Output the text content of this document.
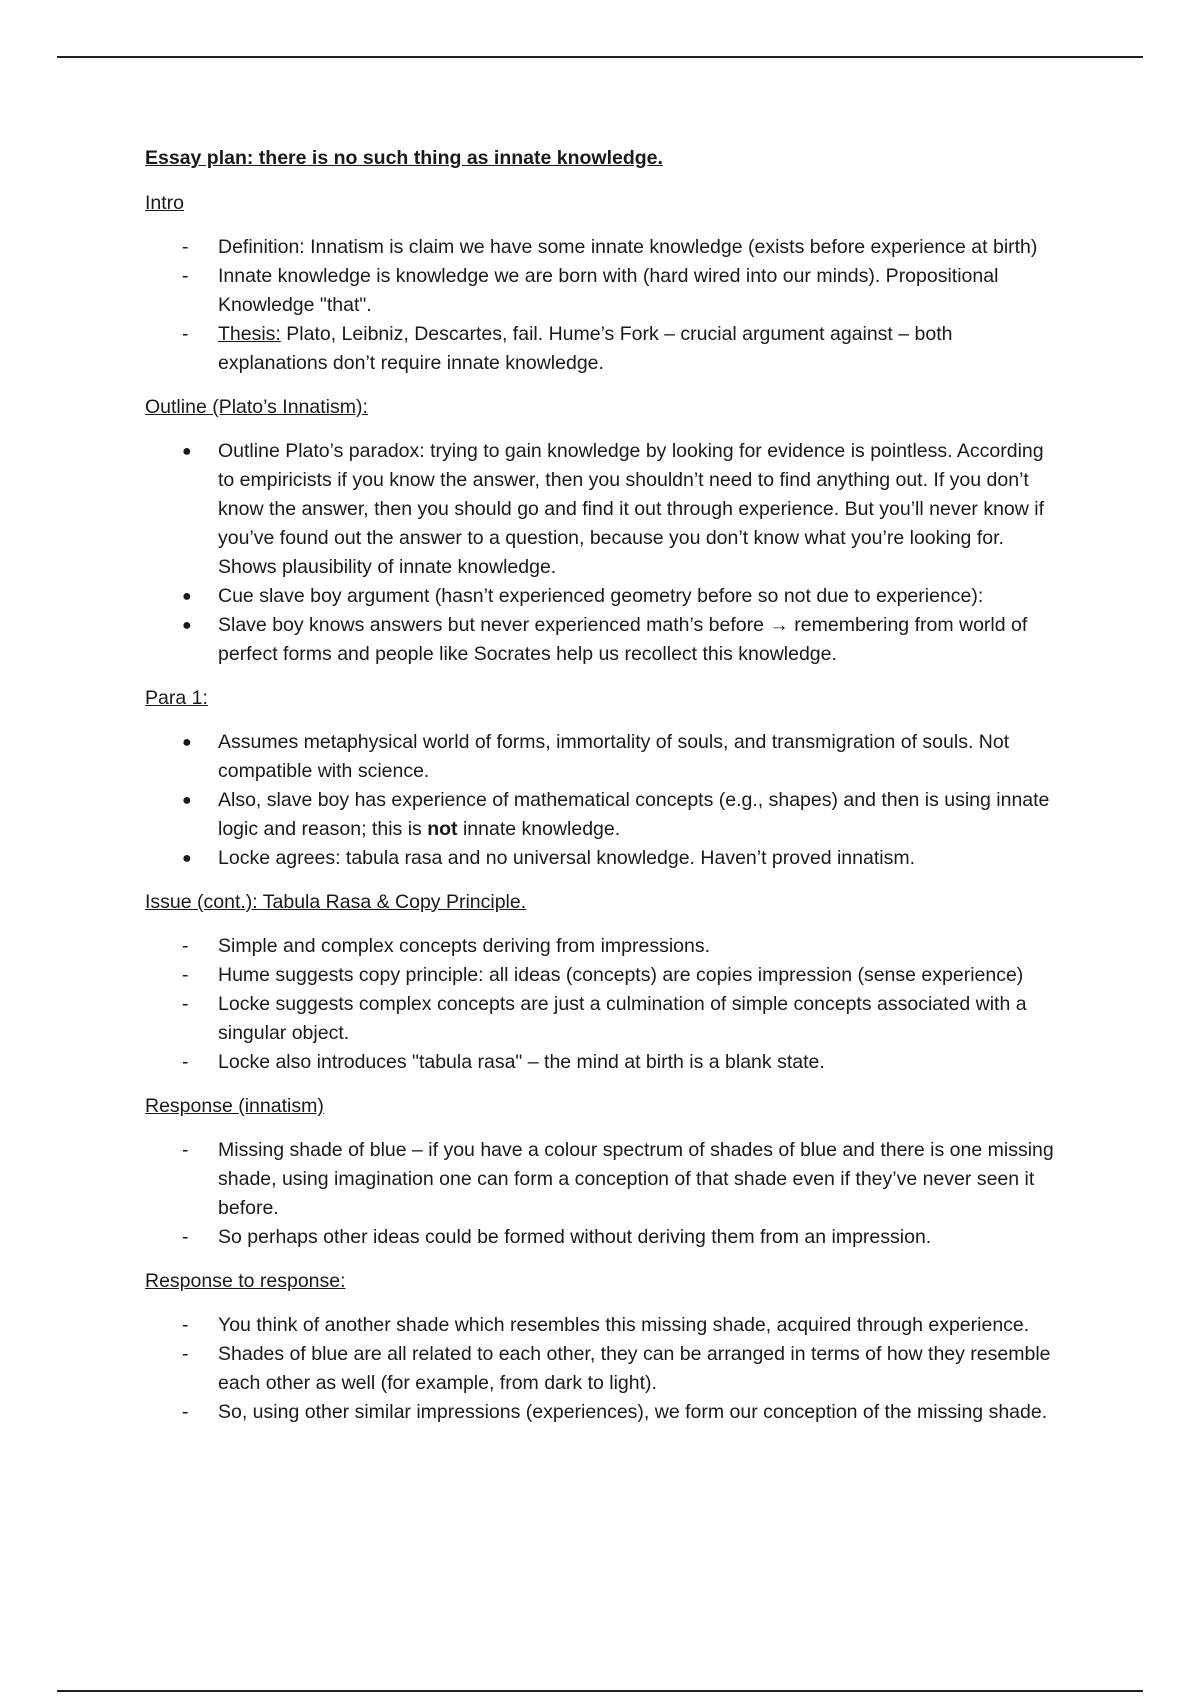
Essay plan: there is no such thing as innate knowledge.
Intro
- Definition: Innatism is claim we have some innate knowledge (exists before experience at birth)
- Innate knowledge is knowledge we are born with (hard wired into our minds). Propositional Knowledge "that".
- Thesis: Plato, Leibniz, Descartes, fail. Hume’s Fork – crucial argument against – both explanations don’t require innate knowledge.
Outline (Plato’s Innatism):
● Outline Plato’s paradox: trying to gain knowledge by looking for evidence is pointless. According to empiricists if you know the answer, then you shouldn’t need to find anything out. If you don’t know the answer, then you should go and find it out through experience. But you’ll never know if you’ve found out the answer to a question, because you don’t know what you’re looking for. Shows plausibility of innate knowledge.
● Cue slave boy argument (hasn’t experienced geometry before so not due to experience):
● Slave boy knows answers but never experienced math’s before → remembering from world of perfect forms and people like Socrates help us recollect this knowledge.
Para 1:
● Assumes metaphysical world of forms, immortality of souls, and transmigration of souls. Not compatible with science.
● Also, slave boy has experience of mathematical concepts (e.g., shapes) and then is using innate logic and reason; this is not innate knowledge.
● Locke agrees: tabula rasa and no universal knowledge. Haven’t proved innatism.
Issue (cont.): Tabula Rasa & Copy Principle.
- Simple and complex concepts deriving from impressions.
- Hume suggests copy principle: all ideas (concepts) are copies impression (sense experience)
- Locke suggests complex concepts are just a culmination of simple concepts associated with a singular object.
- Locke also introduces "tabula rasa" – the mind at birth is a blank state.
Response (innatism)
- Missing shade of blue – if you have a colour spectrum of shades of blue and there is one missing shade, using imagination one can form a conception of that shade even if they’ve never seen it before.
- So perhaps other ideas could be formed without deriving them from an impression.
Response to response:
- You think of another shade which resembles this missing shade, acquired through experience.
- Shades of blue are all related to each other, they can be arranged in terms of how they resemble each other as well (for example, from dark to light).
- So, using other similar impressions (experiences), we form our conception of the missing shade.
